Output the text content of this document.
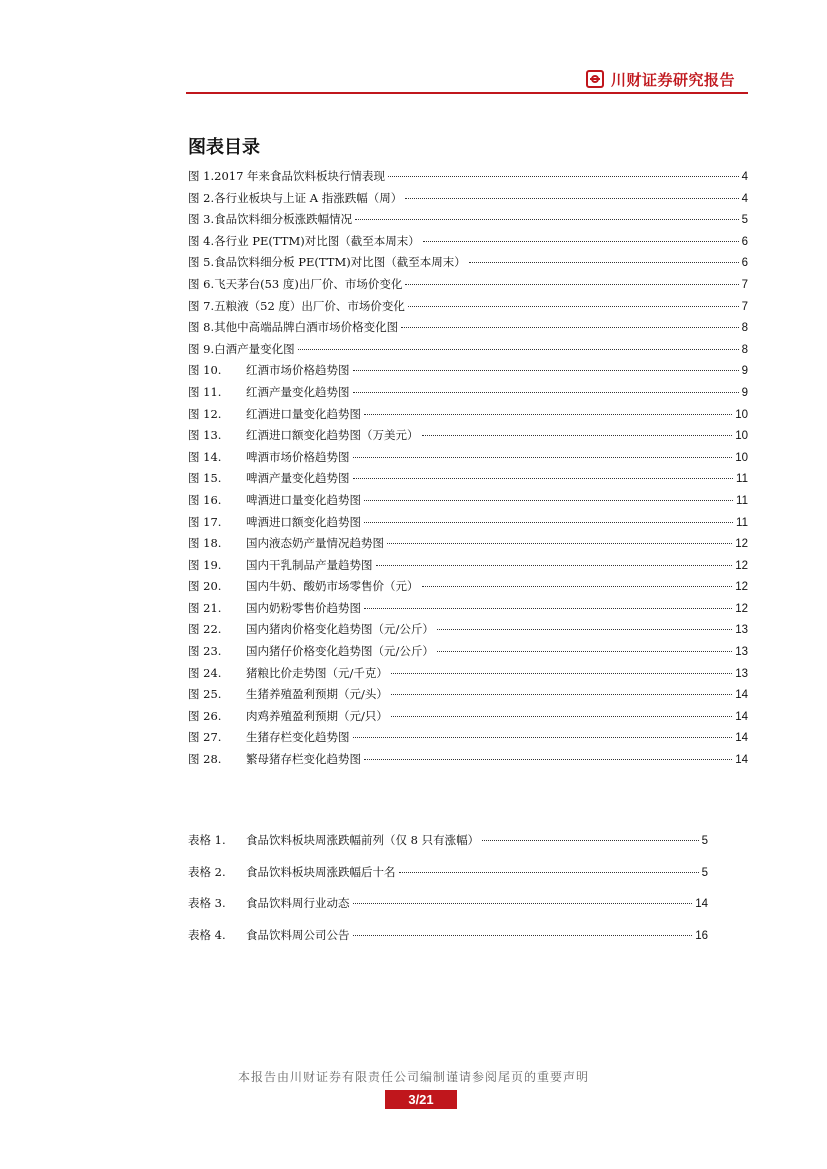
川财证券研究报告
图表目录
图 1.2017 年来食品饮料板块行情表现	4
图 2.各行业板块与上证 A 指涨跌幅（周）	4
图 3.食品饮料细分板涨跌幅情况	5
图 4.各行业 PE(TTM)对比图（截至本周末）	6
图 5.食品饮料细分板 PE(TTM)对比图（截至本周末）	6
图 6.飞天茅台(53 度)出厂价、市场价变化	7
图 7.五粮液（52 度）出厂价、市场价变化	7
图 8.其他中高端品牌白酒市场价格变化图	8
图 9.白酒产量变化图	8
图 10. 红酒市场价格趋势图	9
图 11. 红酒产量变化趋势图	9
图 12. 红酒进口量变化趋势图	10
图 13. 红酒进口额变化趋势图（万美元）	10
图 14. 啤酒市场价格趋势图	10
图 15. 啤酒产量变化趋势图	11
图 16. 啤酒进口量变化趋势图	11
图 17. 啤酒进口额变化趋势图	11
图 18. 国内液态奶产量情况趋势图	12
图 19. 国内干乳制品产量趋势图	12
图 20. 国内牛奶、酸奶市场零售价（元）	12
图 21. 国内奶粉零售价趋势图	12
图 22. 国内猪肉价格变化趋势图（元/公斤）	13
图 23. 国内猪仔价格变化趋势图（元/公斤）	13
图 24. 猪粮比价走势图（元/千克）	13
图 25. 生猪养殖盈利预期（元/头）	14
图 26. 肉鸡养殖盈利预期（元/只）	14
图 27. 生猪存栏变化趋势图	14
图 28. 繁母猪存栏变化趋势图	14
表格 1. 食品饮料板块周涨跌幅前列（仅 8 只有涨幅）	5
表格 2. 食品饮料板块周涨跌幅后十名	5
表格 3. 食品饮料周行业动态	14
表格 4. 食品饮料周公司公告	16
本报告由川财证券有限责任公司编制谨请参阅尾页的重要声明
3/21
